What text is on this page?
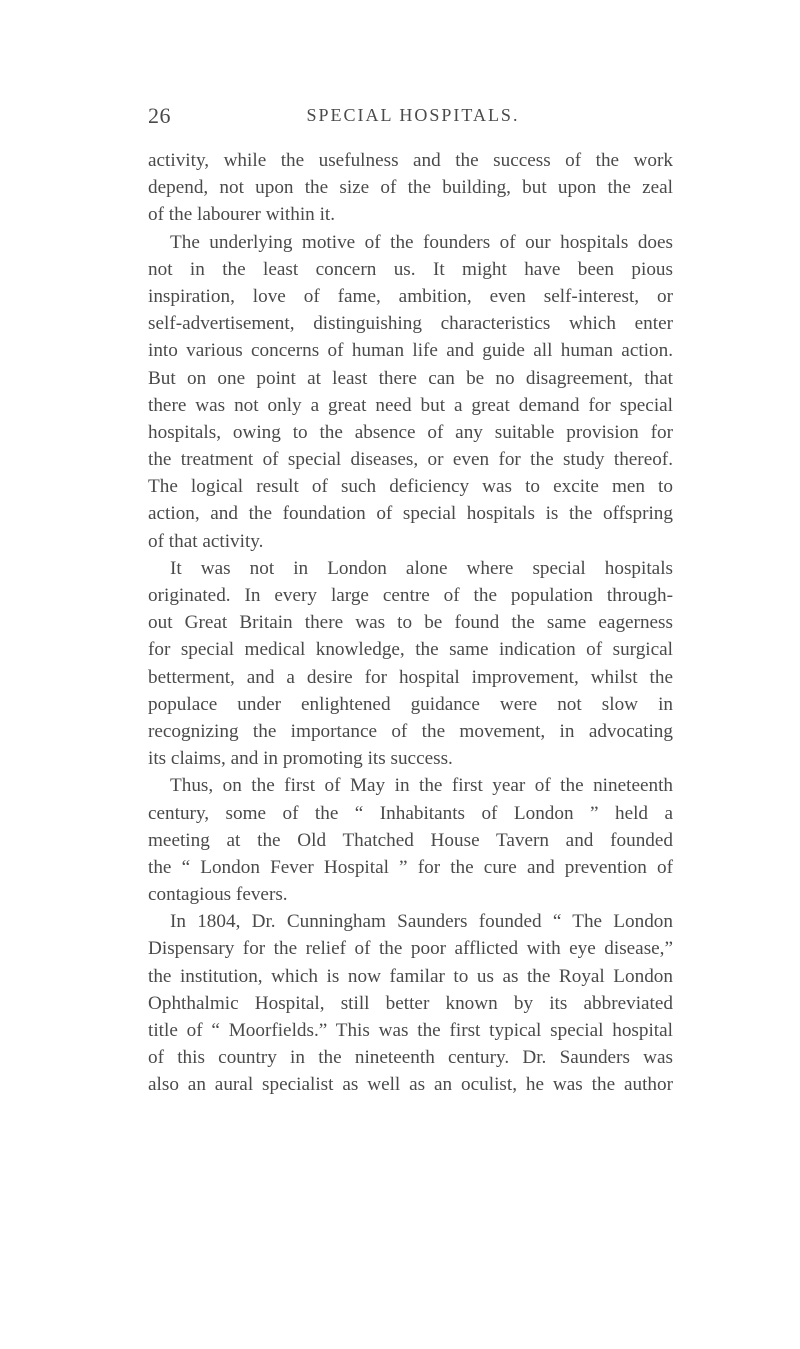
26	SPECIAL HOSPITALS.
activity, while the usefulness and the success of the work
depend, not upon the size of the building, but upon the zeal
of the labourer within it.
The underlying motive of the founders of our hospitals does
not in the least concern us. It might have been pious
inspiration, love of fame, ambition, even self-interest, or
self-advertisement, distinguishing characteristics which enter
into various concerns of human life and guide all human action.
But on one point at least there can be no disagreement, that
there was not only a great need but a great demand for special
hospitals, owing to the absence of any suitable provision for
the treatment of special diseases, or even for the study thereof.
The logical result of such deficiency was to excite men to
action, and the foundation of special hospitals is the offspring
of that activity.
It was not in London alone where special hospitals
originated. In every large centre of the population through-
out Great Britain there was to be found the same eagerness
for special medical knowledge, the same indication of surgical
betterment, and a desire for hospital improvement, whilst the
populace under enlightened guidance were not slow in
recognizing the importance of the movement, in advocating
its claims, and in promoting its success.
Thus, on the first of May in the first year of the nineteenth
century, some of the “ Inhabitants of London ” held a
meeting at the Old Thatched House Tavern and founded
the “ London Fever Hospital ” for the cure and prevention of
contagious fevers.
In 1804, Dr. Cunningham Saunders founded “ The London
Dispensary for the relief of the poor afflicted with eye disease,”
the institution, which is now familar to us as the Royal London
Ophthalmic Hospital, still better known by its abbreviated
title of “ Moorfields.” This was the first typical special hospital
of this country in the nineteenth century. Dr. Saunders was
also an aural specialist as well as an oculist, he was the author
